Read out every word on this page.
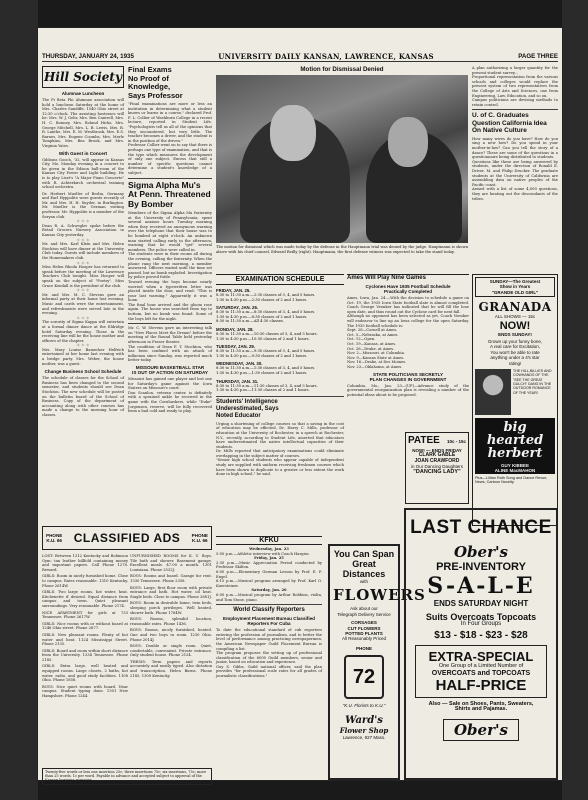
THURSDAY, JANUARY 24, 1935	UNIVERSITY DAILY KANSAN, LAWRENCE, KANSAS	PAGE THREE
Hill Society
Alumnae Luncheon
The Pi Beta Phi Alumnae association will hold a luncheon Saturday at the home of Mrs. Charles Sandiffe, 1540 Ohio street at 12:30 o'clock. The assisting hostesses will be: Mrs. W. J. Gehr, Mrs. Ben Cantrell, Mrs. H. C. Bonney, Mrs. Roland Hicks, Mrs. George Mitchell, Mrs. L. B. Lewis, Mrs. R. R. Lanthe, Mrs. E. M. Westbrook, Mrs. E.S. Barnes, Mrs. Eugene Coombs, Mrs. Merle Tompkins, Mrs. Bea Brook, and Mrs. Virginia Yates.
With Guest in Concert
Gibbons Gooch, '32, will appear in Kansas City, Mo. Monday evening in a concert to be given in the Edison ball-room of the Kansas City Power and Light building. He is to play Liszt's "A Major Piano Concerto" with R. Achterkirch orchestral training school orchestra.
Dr. Herbert Mueller of Berlin, Germany and Earl Hyppolite were guests recently of Mr. and Mrs. H. H. Snyder, in Burlington. Mr. Mueller is the German visiting professor. Mr. Hyppolite is a member of the Seryan club.
＊ ＊ ＊
Dean R. A. Schwegler spoke before the Retail Grocers Nursery Association in Kansas City yesterday.
＊ ＊ ＊
Mr. and Mrs. Karl Klein and Mrs. Helen Stockton will have dinner at the University Club today. Guests will include members of the Homemakers club.
＊ ＊ ＊
Miss Helen Rhoda Hooper has returned to speak before the meeting of the Lawrence Teachers Club tonight. Miss Hooper will speak on the subject of "Poetry". Miss Grace Kendall is the president of the club.
＊ ＊ ＊
Mr. and Mrs. M. C. Stevens gave an informal party at their home last evening. Music and cards were the entertainment, and refreshments were served late in the evening.
＊ ＊ ＊
The sorority of Sigma Kappa will entertain at a formal dinner dance at the Eldridge hotel Saturday evening. Those in the receiving line will be the house mother and officers of the chapter.
＊ ＊ ＊
Mrs. Mary Louise Bamecker Helfrich entertained at her home last evening with a bridge party. Mrs. Weber, the house mother, was a guest.
Change Business School Schedule
The schedule of classes for the School of Business has been changed to the second semester, and students should see Dean Stockton. The new schedule will be posted on the bulletin board of the School of Business. Copy of the department of accounting along with other courses has made a change to the morning hour of classes.
Final Exams
No Proof of Knowledge,
Says Professor
"Final examinations are more or less an institution in determining what a student knows or learns in a course," declared Prof. F. L. Collier of Washburn College in a recent lecture, reported in Student Life. "Psychologists tell us all of the opinions that they encountered, but very little. The teacher becomes a driver, and the student is in the position of the driven."
Professor Collier went on to say that there is perhaps one type of examination, and that is the type which measures the development of only one subject. Excess that still a number of specific questions cannot determine a student's knowledge of a subject.
Sigma Alpha Mu's
At Penn. Threatened
By Bomber
Members of the Sigma Alpha Mu fraternity at the University of Pennsylvania, spent several anxious hours Tuesday morning when they received an anonymous warning over the telephone that their house was to be bombed at eight o'clock. An unknown man started calling early in the afternoon, warning that he would "get" several members. The police were called in.
The students were in their rooms all during the evening, calling the fraternity. When the phone rang the next morning, a member answered. Officers waited until the time set passed, but no bomb exploded. Investigation by police proved futile.
Toward evening the boys became nearly worried when a typewritten letter was placed inside the door, and read: "This is your last warning." Apparently it was a hoax.
The final hour arrived and the gloom rose again. The house was searched from top to bottom, but no bomb was found. Some of the boys left for the night.
Mr. C. W. Stevens gave an interesting talk on "New Places Meet the Dream" before the meeting of the Round Table held yesterday afternoon in Fraser theater.
The condition of Dean F. T. Stockton, who has been confined with an attack of influenza since Sunday, was reported much better today.
MISSOURI BASKETBALL STAR
IS OUT OF ACTION ON SATURDAY
Missouri has gained one player and lost one for Saturday's game against the Iowa Staters on Missouri's court.
Don Scanlon, veteran center, is definitely with a sprained ankle he received in the game with the Cornhuskers, while "Duke" Jorgensen, reserve, will be fully recovered from a bad cold and ready to play.
Motion for Dismissal Denied
The motion for dismissal which was made today by the defense in the Hauptmann trial was denied by the judge. Hauptmann is shown above with his chief counsel, Edward Reilly (right). Hauptmann, the first defense witness was expected to take the stand today.
EXAMINATION SCHEDULE
FRIDAY, JAN. 25.
8:30 to 11:30 a.m.—2:30 classes of 3, 4, and 5 hours.
1:30 to 4:30 p.m.—2:30 classes of 2 and 1 hours.
SATURDAY, JAN. 26.
8:30 to 11:30 a.m.—8:30 classes of 3, 4, and 5 hours.
1:30 to 4:30 p.m.—8:30 classes of 2 and 1 hours.
8:30 to 11:30 a.m.—All 4:30 classes.
MONDAY, JAN. 28.
8:30 to 11:30 a.m.—10:30 classes of 3, 4, and 5 hours.
1:30 to 4:30 p.m.—10:30 classes of 2 and 1 hours.
TUESDAY, JAN. 29.
8:30 to 11:30 a.m.—9:30 classes of 3, 4, and 5 hours.
1:30 to 4:30 p.m.—9:30 classes of 2 and 1 hours.
WEDNESDAY, JAN. 30.
8:30 to 11:30 a.m.—1:30 classes of 3, 4, and 5 hours.
1:30 to 4:30 p.m.—1:30 classes of 2 and 1 hours.
THURSDAY, JAN. 31.
8:30 to 11:30 a.m.—11:30 classes of 3, 4, and 5 hours.
1:30 to 4:30 p.m.—11:30 classes of 2 and 1 hours.
Students' Intelligence
Underestimated, Says
Noted Educator
Urging a shortening of college courses so that a saving in the cost of education may be effected, Dr. Harry C. Mills, professor of education at the University of Rochester, in a speech at Rochester, N.Y., recently, according to Student Life, asserted that educators have underestimated the native intellectual capacities of their students.
Dr. Mills reported that anticipatory examinations could eliminate overlapping in the subject matter of courses.
"Senior high school students who appear capable of independent study are supplied with uniform receiving freshmen courses which have been shown to duplicate to a greater or less extent the work done in high school," he said.
Ames Will Play Nine Games
Cyclones Have 1935 Football Schedule
Practically Completed
Ames, Iowa, Jan. 24.—With the decision to schedule a game on Oct. 19, the 1935 Iowa State football slate is almost completed. Coach George Veenker has indicated that he will fill the lone open date, and thus round out the Cyclone card for next fall.
Although no opponent has been selected as yet, Coach Veenker will endeavor to line up an Iowa college for the open Saturday. The 1935 football schedule is:
Sept. 28—Cornell at Ames.
Oct. 5—Nebraska, at Ames.
Oct. 12—Open.
Oct. 19—Kansas, at Ames.
Oct. 26—Drake, at Ames.
Nov. 2—Missouri, at Columbia.
Nov. 9—Kansas State at Ames.
Nov. 16—Drake, at Des Moines.
Nov. 23—Oklahoma, at Ames.
STATE POLITICIANS SECRETLY
PLAN CHANGES IN GOVERNMENT
Columbia, Mo., Jan. 23—(UP)—Advance study of the governmental reorganization plan is revealing a number of the potential ideas about to be proposed.
A plan authorizing a larger quantity for the present student survey...
Proportional representation from the various schools and colleges would replace the present system of two representatives from the College of Arts and Sciences, one from Engineering, Law, Education, and so on.
Campus politicians are devising methods to retain control.
U. of C. Graduates
Question California Idea
On Native Culture
How many wives do you have? How do you sing a new how? Do you spend in your mother-in-law? Can you tell the story of a dance? These are some of the questions in a questionnaire being distributed to students.
Questions like these are being answered by students, under the direction of Ronald E. Driver, M. and Philip Drucker. The graduate students at the University of California are assembling data on native peoples of the Pacific coast.
Armed with a list of some 4,000 questions, they are hunting out the descendants of the tribes.
SUNDAY—The Greatest
Show in Years
"GRANDE OLD GIRL"
GRANADA
ALL SHOWS — 15c
NOW!
ENDS SUNDAY!
Grown up your funny bone,
A real care for Excitation,
You won't be able to rate
anything under a 4's star
rating!
THE HILL-BILLIES AND COWHANDS OF THE "SEE THE GREAT GULCH" GANG IN THE OUTDOOR ROMANCE OF THE YEAR!
big
hearted
herbert
GUY KIBBEE
ALINE MacMAHON
Plus—Lillian Roth Song and Dance Revue, News, Cartoon Novelty.
PATEE 10c - 15c
NOW! — ENDS FRIDAY
CLARK GABLE
JOAN CRAWFORD
in Our Dancing Daughters
"DANCING LADY"
PHONE
K.U. 66 CLASSIFIED ADS PHONE
K.U. 66
LOST: Between 1312 Kentucky and Robinson Gym: tan leather billfold containing money and important papers. Call Phone 1278. Reward.
GIRLS: Room in nicely furnished home. Close to campus. Rates reasonable. 1310 Kentucky. Phone 2614W.
GIRLS: Two large rooms, hot water, heat. Kitchenette if desired. Equal distance from campus and town. Quiet pleasant surroundings. Very reasonable. Phone 2174.
NICE APARTMENT for girls at 733 Tennessee. Phone 2617W.
GIRLS: Nice rooms with or without board at 1246 Ohio street. Phone 2677.
GIRLS: New pleasant rooms. Plenty of hot water and heat. 1124 Mississippi Street. Phone 2135.
GIRLS: Board and room within short distance from the University. 1334 Tennessee. Phone 2185.
GIRLS: Extra large, well heated and equipped rooms. Large closets, 2 baths, hot water, radio, and good study facilities. 1108 Ohio. Phone 1858.
BOYS: Nice quiet rooms with board. Near campus. Student typing done. 1301 New Hampshire. Phone 1244.
UNFURNISHED ROOMS for K. U. Boys. Tile bath and shower. Basement garage. Excellent meals. $7.00 a month. 1301 Louisiana. Phone 2532J.
BOYS: Rooms and board. Garage for rent. 1330 Tennessee. Phone 2358.
BOYS: Large, first floor room with private entrance and bath. Hot water, oil heat. Single beds. Close to campus. Phone 2681J.
BOYS: Room in desirable home, twin beds, sleeping porch privileges. Well heated, shower bath. Phone 1764W.
BOYS: Rooms, splendid location, reasonable rates. Phone 1436.
BOYS: Rooms, nicely furnished, heated. One and two boys in room. 1230 Ohio. Phone 2014J.
BOYS: Double or single room. Quiet, comfortable, convenient. Private entrance. Only student house. Phone 2124.
THESIS: Term papers and reports accurately and neatly typed. Also dictation and transcription. Helen Burns. Phone 2185, 1300 Kentucky.
Twenty-five words or less one insertion 25c; three insertions 75c; six insertions, 75c; more than 25 words, 1c per word. Payable in advance and accepted subject to approval of the Kansan business manager.
KFKU
Wednesday, Jan. 23
5:00 p.m.—Athletic interview with Coach Hargiss.
Friday, Jan. 25
2:30 p.m.—Music Appreciation Period conducted by Professor Skilton.
6:00 p.m.—Elementary German Lesson by Prof. E. F. Engel.
6:15 p.m.—Musical program arranged by Prof. Karl O. Kuersteiner.
Saturday, Jan. 26
6:00 p.m.—Musical program by Arthur Robbins, violin, and Tom Stone, piano.
World Classify Reporters
Employment Placement Bureau Classified Reporters For Cuba
To date the educational standard of cub reporters entering the profession of journalism, and to better the level of performance among practicing newspapermen, the American Newspaper Guild Placement Bureau is compiling a list.
The program proposes the setting up of professional classification of the 6000 Guild members, senior and junior, based on education and experience.
Guy S. Gibbs, Guild national officer, said the plan provides "for professional scale rates for all grades of journalistic classifications."
You Can Span
Great Distances
with
FLOWERS
Ask about our
Telegraph Delivery Service
CORSAGES
CUT FLOWERS
POTTED PLANTS
All Reasonably Priced
PHONE
72
"K.U. Florists to K.U."
Ward's
Flower Shop
Lawrence, 927 Mass.
LAST CHANCE
Ober's
PRE-INVENTORY
S-A-L-E
ENDS SATURDAY NIGHT
Suits Overcoats Topcoats
In Four Groups
$13 - $18 - $23 - $28
EXTRA-SPECIAL
One Group of a Limited Number of
OVERCOATS and TOPCOATS
HALF-PRICE
Also — Sale on Shoes, Pants, Sweaters,
Shirts and Pajamas.
Ober's
